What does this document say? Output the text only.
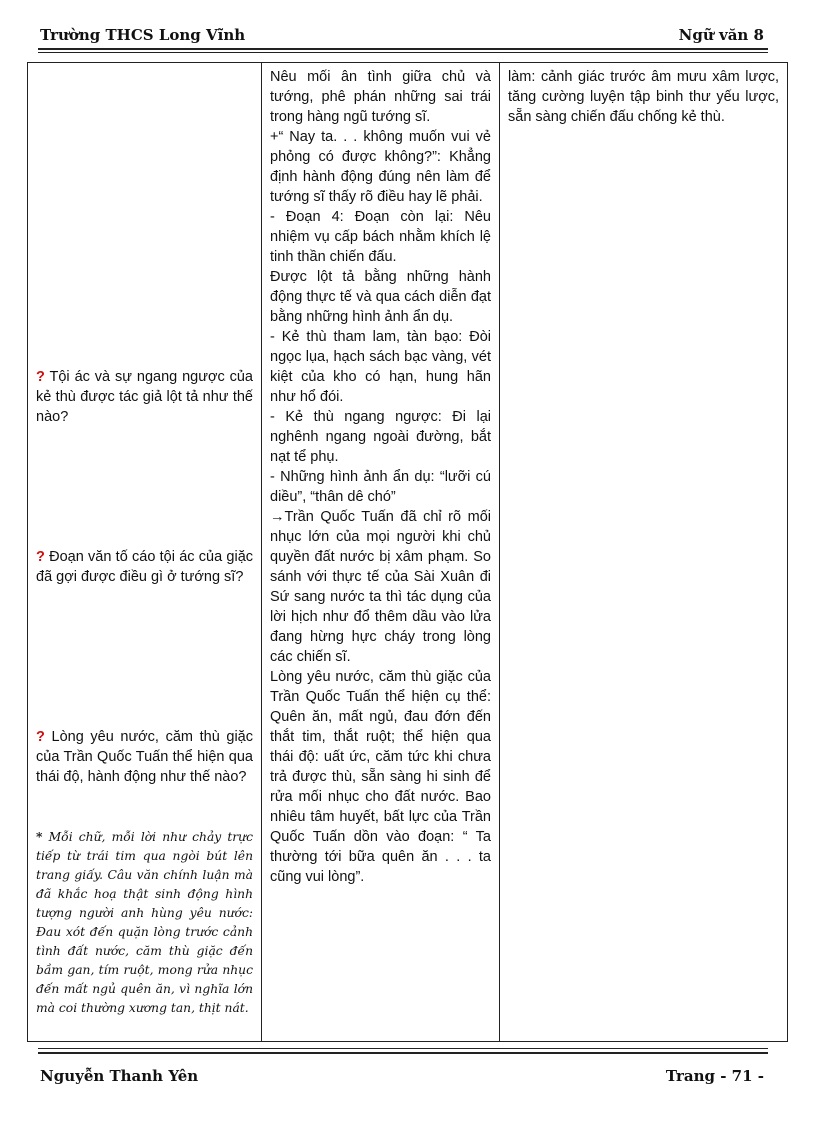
Trường THCS Long Vĩnh	Ngữ văn 8
? Tội ác và sự ngang ngược của kẻ thù được tác giả lột tả như thế nào?
? Đoạn văn tố cáo tội ác của giặc đã gợi được điều gì ở tướng sĩ?
? Lòng yêu nước, căm thù giặc của Trần Quốc Tuấn thể hiện qua thái độ, hành động như thế nào?
* Mỗi chữ, mỗi lời như chảy trực tiếp từ trái tim qua ngòi bút lên trang giấy. Câu văn chính luận mà đã khắc hoạ thật sinh động hình tượng người anh hùng yêu nước: Đau xót đến quặn lòng trước cảnh tình đất nước, căm thù giặc đến bầm gan, tím ruột, mong rửa nhục đến mất ngủ quên ăn, vì nghĩa lớn mà coi thường xương tan, thịt nát.

Nêu mối ân tình giữa chủ và tướng, phê phán những sai trái trong hàng ngũ tướng sĩ.

+“ Nay ta. . . không muốn vui vẻ phỏng có được không?”: Khẳng định hành động đúng nên làm để tướng sĩ thấy rõ điều hay lẽ phải.

- Đoạn 4: Đoạn còn lại: Nêu nhiệm vụ cấp bách nhằm khích lệ tinh thần chiến đấu.

Được lột tả bằng những hành động thực tế và qua cách diễn đạt bằng những hình ảnh ẩn dụ.

- Kẻ thù tham lam, tàn bạo: Đòi ngọc lụa, hạch sách bạc vàng, vét kiệt của kho có hạn, hung hãn như hổ đói.

- Kẻ thù ngang ngược: Đi lại nghênh ngang ngoài đường, bắt nạt tể phụ.

- Những hình ảnh ẩn dụ: “lưỡi cú diều”, “thân dê chó”

→Trần Quốc Tuấn đã chỉ rõ mối nhục lớn của mọi người khi chủ quyền đất nước bị xâm phạm. So sánh với thực tế của Sài Xuân đi Sứ sang nước ta thì tác dụng của lời hịch như đổ thêm dầu vào lửa đang hừng hực cháy trong lòng các chiến sĩ.

Lòng yêu nước, căm thù giặc của Trần Quốc Tuấn thể hiện cụ thể: Quên ăn, mất ngủ, đau đớn đến thắt tim, thắt ruột; thể hiện qua thái độ: uất ức, căm tức khi chưa trả được thù, sẵn sàng hi sinh để rửa mối nhục cho đất nước. Bao nhiêu tâm huyết, bất lực của Trần Quốc Tuấn dồn vào đoạn: “ Ta thường tới bữa quên ăn . . . ta cũng vui lòng”.

làm: cảnh giác trước âm mưu xâm lược, tăng cường luyện tập binh thư yếu lược, sẵn sàng chiến đấu chống kẻ thù.
Nguyễn Thanh Yên	Trang - 71 -
